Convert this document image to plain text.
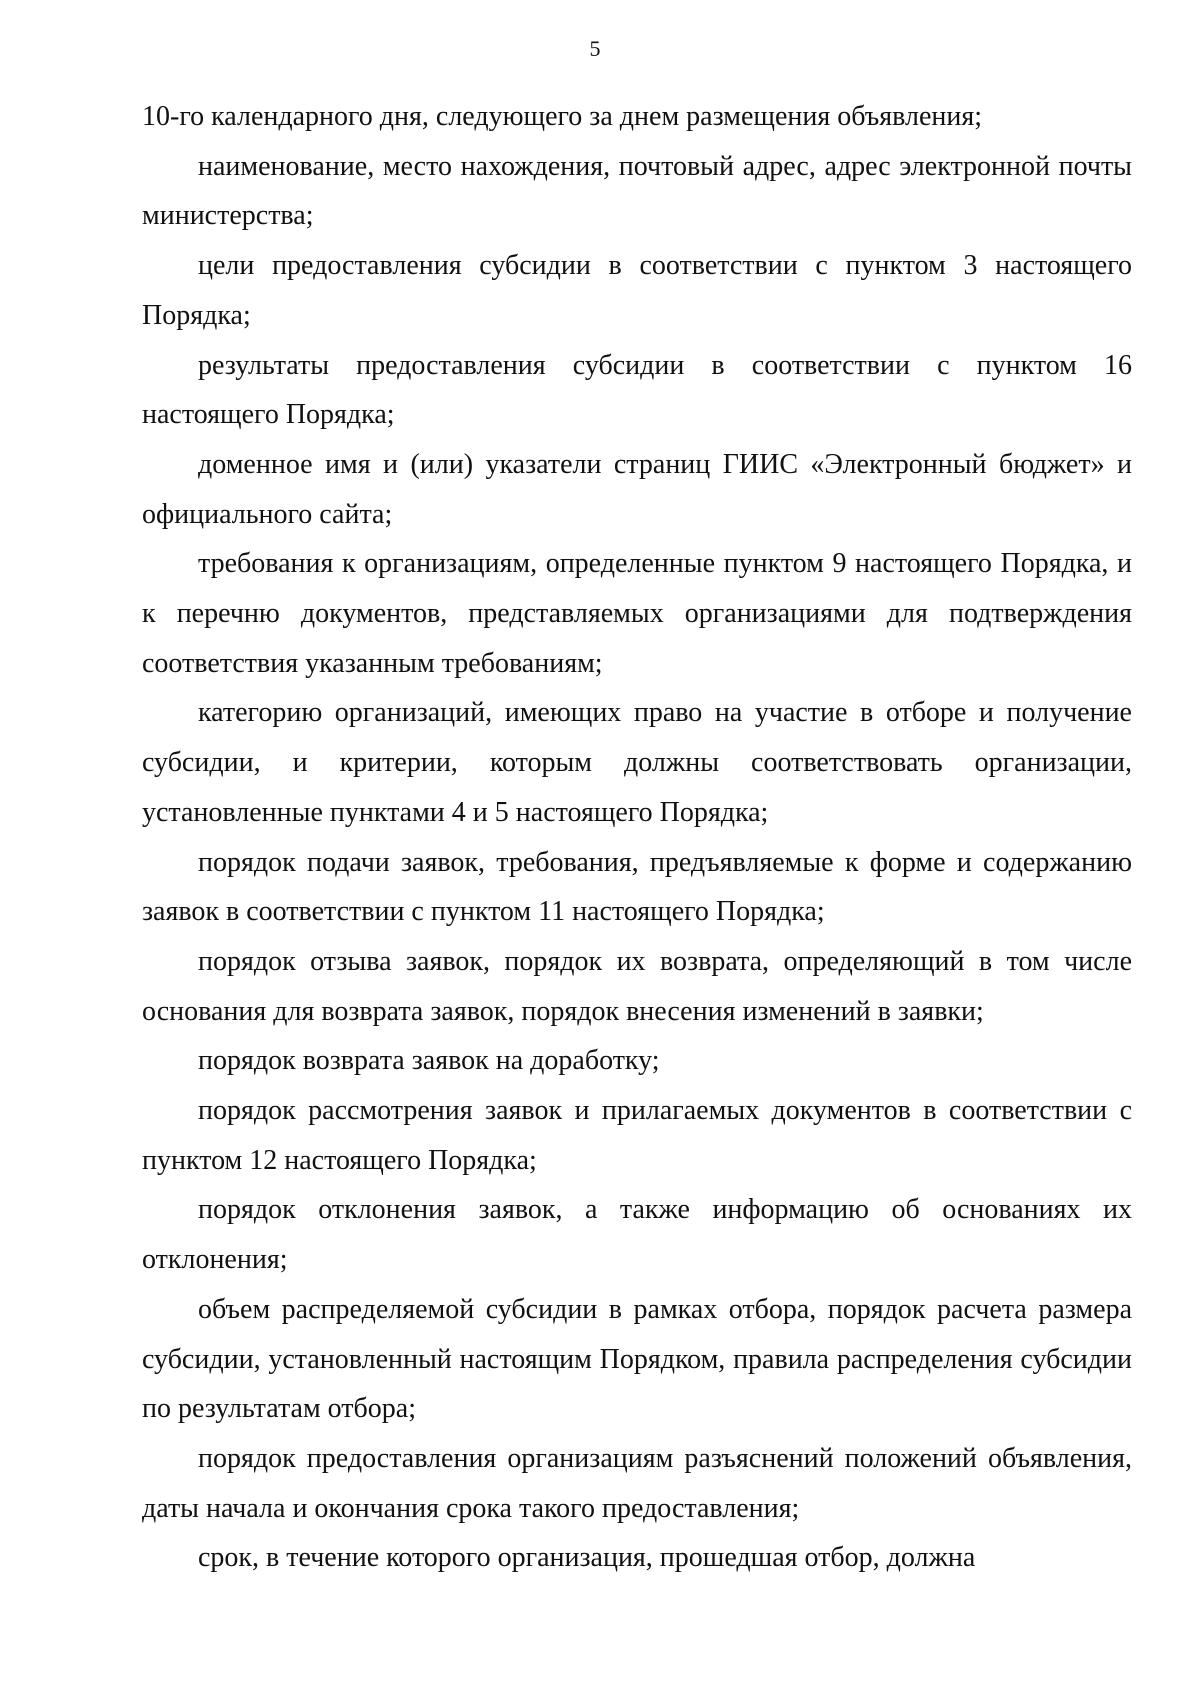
5

10-го календарного дня, следующего за днем размещения объявления;

наименование, место нахождения, почтовый адрес, адрес электронной почты министерства;

цели предоставления субсидии в соответствии с пунктом 3 настоящего Порядка;

результаты предоставления субсидии в соответствии с пунктом 16 настоящего Порядка;

доменное имя и (или) указатели страниц ГИИС «Электронный бюджет» и официального сайта;

требования к организациям, определенные пунктом 9 настоящего Порядка, и к перечню документов, представляемых организациями для подтверждения соответствия указанным требованиям;

категорию организаций, имеющих право на участие в отборе и получение субсидии, и критерии, которым должны соответствовать организации, установленные пунктами 4 и 5 настоящего Порядка;

порядок подачи заявок, требования, предъявляемые к форме и содержанию заявок в соответствии с пунктом 11 настоящего Порядка;

порядок отзыва заявок, порядок их возврата, определяющий в том числе основания для возврата заявок, порядок внесения изменений в заявки;

порядок возврата заявок на доработку;

порядок рассмотрения заявок и прилагаемых документов в соответствии с пунктом 12 настоящего Порядка;

порядок отклонения заявок, а также информацию об основаниях их отклонения;

объем распределяемой субсидии в рамках отбора, порядок расчета размера субсидии, установленный настоящим Порядком, правила распределения субсидии по результатам отбора;

порядок предоставления организациям разъяснений положений объявления, даты начала и окончания срока такого предоставления;

срок, в течение которого организация, прошедшая отбор, должна
